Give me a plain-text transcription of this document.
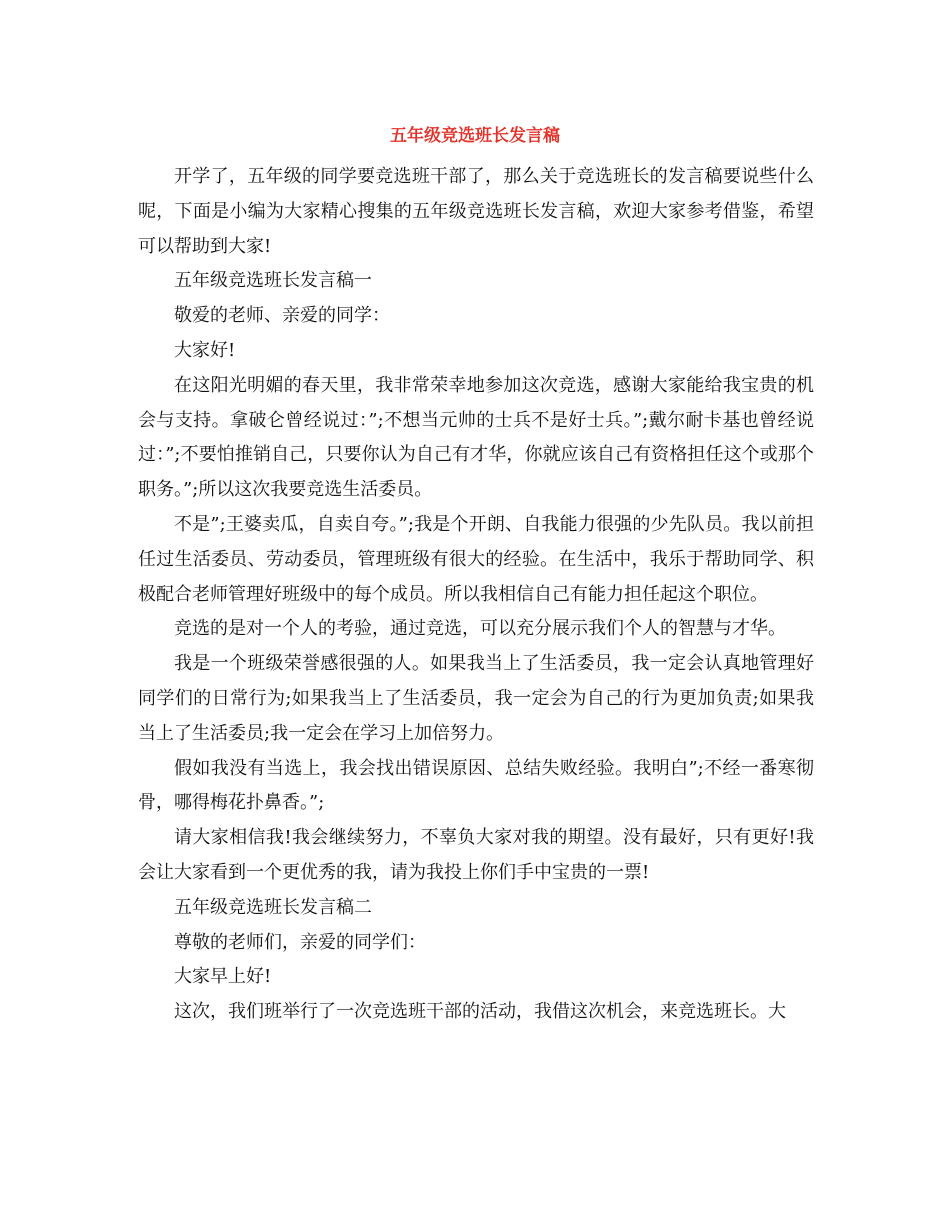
五年级竞选班长发言稿

开学了，五年级的同学要竞选班干部了，那么关于竞选班长的发言稿要说些什么呢，下面是小编为大家精心搜集的五年级竞选班长发言稿，欢迎大家参考借鉴，希望可以帮助到大家!

五年级竞选班长发言稿一

敬爱的老师、亲爱的同学：

大家好!

在这阳光明媚的春天里，我非常荣幸地参加这次竞选，感谢大家能给我宝贵的机会与支持。拿破仑曾经说过：”;不想当元帅的士兵不是好士兵。”;戴尔耐卡基也曾经说过：”;不要怕推销自己，只要你认为自己有才华，你就应该自己有资格担任这个或那个职务。”;所以这次我要竞选生活委员。

不是”;王婆卖瓜，自卖自夸。”;我是个开朗、自我能力很强的少先队员。我以前担任过生活委员、劳动委员，管理班级有很大的经验。在生活中，我乐于帮助同学、积极配合老师管理好班级中的每个成员。所以我相信自己有能力担任起这个职位。

竞选的是对一个人的考验，通过竞选，可以充分展示我们个人的智慧与才华。

我是一个班级荣誉感很强的人。如果我当上了生活委员，我一定会认真地管理好同学们的日常行为;如果我当上了生活委员，我一定会为自己的行为更加负责;如果我当上了生活委员;我一定会在学习上加倍努力。

假如我没有当选上，我会找出错误原因、总结失败经验。我明白”;不经一番寒彻骨，哪得梅花扑鼻香。”;

请大家相信我!我会继续努力，不辜负大家对我的期望。没有最好，只有更好!我会让大家看到一个更优秀的我，请为我投上你们手中宝贵的一票!

五年级竞选班长发言稿二

尊敬的老师们，亲爱的同学们：

大家早上好!

这次，我们班举行了一次竞选班干部的活动，我借这次机会，来竞选班长。大
